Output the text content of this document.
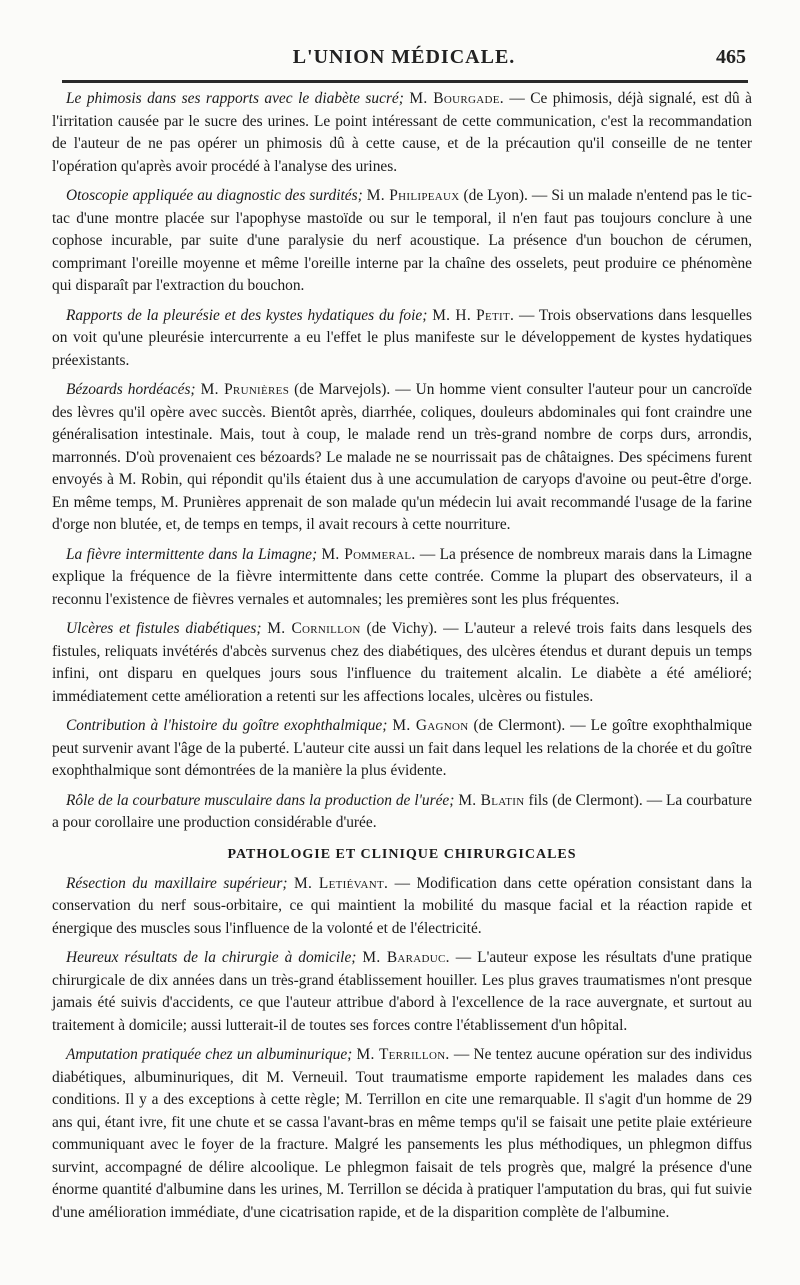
L'UNION MÉDICALE.	465

Le phimosis dans ses rapports avec le diabète sucré; M. Bourgade. — Ce phimosis, déjà signalé, est dû à l'irritation causée par le sucre des urines. Le point intéressant de cette communication, c'est la recommandation de l'auteur de ne pas opérer un phimosis dû à cette cause, et de la précaution qu'il conseille de ne tenter l'opération qu'après avoir procédé à l'analyse des urines.

Otoscopie appliquée au diagnostic des surdités; M. Philipeaux (de Lyon). — Si un malade n'entend pas le tic-tac d'une montre placée sur l'apophyse mastoïde ou sur le temporal, il n'en faut pas toujours conclure à une cophose incurable, par suite d'une paralysie du nerf acoustique. La présence d'un bouchon de cérumen, comprimant l'oreille moyenne et même l'oreille interne par la chaîne des osselets, peut produire ce phénomène qui disparaît par l'extraction du bouchon.

Rapports de la pleurésie et des kystes hydatiques du foie; M. H. Petit. — Trois observations dans lesquelles on voit qu'une pleurésie intercurrente a eu l'effet le plus manifeste sur le développement de kystes hydatiques préexistants.

Bézoards hordéacés; M. Prunières (de Marvejols). — Un homme vient consulter l'auteur pour un cancroïde des lèvres qu'il opère avec succès. Bientôt après, diarrhée, coliques, douleurs abdominales qui font craindre une généralisation intestinale. Mais, tout à coup, le malade rend un très-grand nombre de corps durs, arrondis, marronnés. D'où provenaient ces bézoards? Le malade ne se nourrissait pas de châtaignes. Des spécimens furent envoyés à M. Robin, qui répondit qu'ils étaient dus à une accumulation de caryops d'avoine ou peut-être d'orge. En même temps, M. Prunières apprenait de son malade qu'un médecin lui avait recommandé l'usage de la farine d'orge non blutée, et, de temps en temps, il avait recours à cette nourriture.

La fièvre intermittente dans la Limagne; M. Pommeral. — La présence de nombreux marais dans la Limagne explique la fréquence de la fièvre intermittente dans cette contrée. Comme la plupart des observateurs, il a reconnu l'existence de fièvres vernales et automnales; les premières sont les plus fréquentes.

Ulcères et fistules diabétiques; M. Cornillon (de Vichy). — L'auteur a relevé trois faits dans lesquels des fistules, reliquats invétérés d'abcès survenus chez des diabétiques, des ulcères étendus et durant depuis un temps infini, ont disparu en quelques jours sous l'influence du traitement alcalin. Le diabète a été amélioré; immédiatement cette amélioration a retenti sur les affections locales, ulcères ou fistules.

Contribution à l'histoire du goître exophthalmique; M. Gagnon (de Clermont). — Le goître exophthalmique peut survenir avant l'âge de la puberté. L'auteur cite aussi un fait dans lequel les relations de la chorée et du goître exophthalmique sont démontrées de la manière la plus évidente.

Rôle de la courbature musculaire dans la production de l'urée; M. Blatin fils (de Clermont). — La courbature a pour corollaire une production considérable d'urée.

PATHOLOGIE ET CLINIQUE CHIRURGICALES

Résection du maxillaire supérieur; M. Letiévant. — Modification dans cette opération consistant dans la conservation du nerf sous-orbitaire, ce qui maintient la mobilité du masque facial et la réaction rapide et énergique des muscles sous l'influence de la volonté et de l'électricité.

Heureux résultats de la chirurgie à domicile; M. Baraduc. — L'auteur expose les résultats d'une pratique chirurgicale de dix années dans un très-grand établissement houiller. Les plus graves traumatismes n'ont presque jamais été suivis d'accidents, ce que l'auteur attribue d'abord à l'excellence de la race auvergnate, et surtout au traitement à domicile; aussi lutterait-il de toutes ses forces contre l'établissement d'un hôpital.

Amputation pratiquée chez un albuminurique; M. Terrillon. — Ne tentez aucune opération sur des individus diabétiques, albuminuriques, dit M. Verneuil. Tout traumatisme emporte rapidement les malades dans ces conditions. Il y a des exceptions à cette règle; M. Terrillon en cite une remarquable. Il s'agit d'un homme de 29 ans qui, étant ivre, fit une chute et se cassa l'avant-bras en même temps qu'il se faisait une petite plaie extérieure communiquant avec le foyer de la fracture. Malgré les pansements les plus méthodiques, un phlegmon diffus survint, accompagné de délire alcoolique. Le phlegmon faisait de tels progrès que, malgré la présence d'une énorme quantité d'albumine dans les urines, M. Terrillon se décida à pratiquer l'amputation du bras, qui fut suivie d'une amélioration immédiate, d'une cicatrisation rapide, et de la disparition complète de l'albumine.
